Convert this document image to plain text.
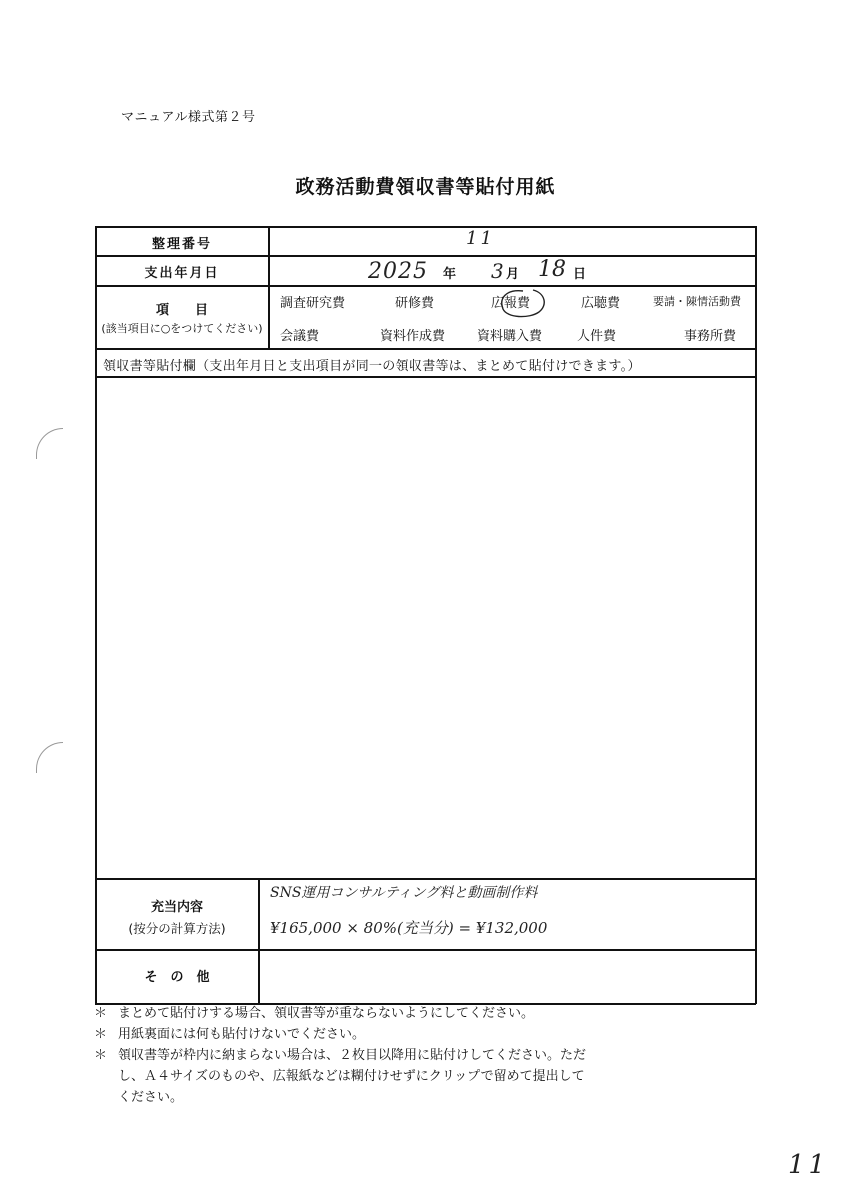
マニュアル様式第２号
政務活動費領収書等貼付用紙
整理番号	11
支出年月日	2025 年 3 月 18 日
項　　目
(該当項目に○をつけてください)
調査研究費	研修費	広報費	広聴費	要請・陳情活動費
会議費	資料作成費 資料購入費	人件費	事務所費
領収書等貼付欄（支出年月日と支出項目が同一の領収書等は、まとめて貼付けできます。）
充当内容
(按分の計算方法)
SNS運用コンサルティング料と動画制作料
¥165,000 × 80%(充当分) = ¥132,000
そ　の　他
＊ まとめて貼付けする場合、領収書等が重ならないようにしてください。
＊ 用紙裏面には何も貼付けないでください。
＊ 領収書等が枠内に納まらない場合は、２枚目以降用に貼付けしてください。ただ
し、Ａ４サイズのものや、広報紙などは糊付けせずにクリップで留めて提出して
ください。
11
